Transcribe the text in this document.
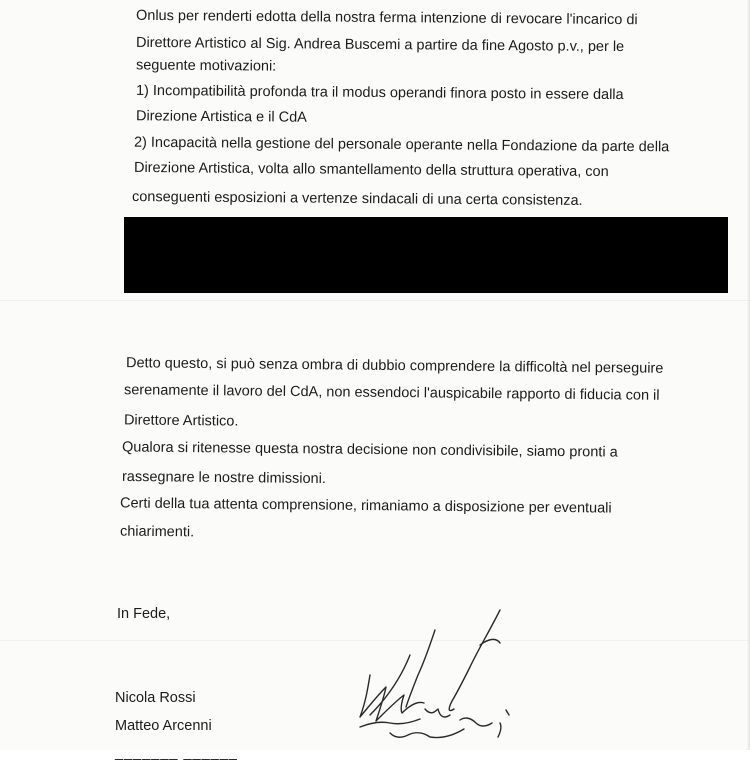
Onlus per renderti edotta della nostra ferma intenzione di revocare l'incarico di
Direttore Artistico al Sig. Andrea Buscemi a partire da fine Agosto p.v., per le
seguente motivazioni:
1) Incompatibilità profonda tra il modus operandi finora posto in essere dalla
Direzione Artistica e il CdA
2) Incapacità nella gestione del personale operante nella Fondazione da parte della
Direzione Artistica, volta allo smantellamento della struttura operativa, con
conseguenti esposizioni a vertenze sindacali di una certa consistenza.
Detto questo, si può senza ombra di dubbio comprendere la difficoltà nel perseguire
serenamente il lavoro del CdA, non essendoci l'auspicabile rapporto di fiducia con il
Direttore Artistico.
Qualora si ritenesse questa nostra decisione non condivisibile, siamo pronti a
rassegnare le nostre dimissioni.
Certi della tua attenta comprensione, rimaniamo a disposizione per eventuali
chiarimenti.
In Fede,
Nicola Rossi
Matteo Arcenni
_______ ______
